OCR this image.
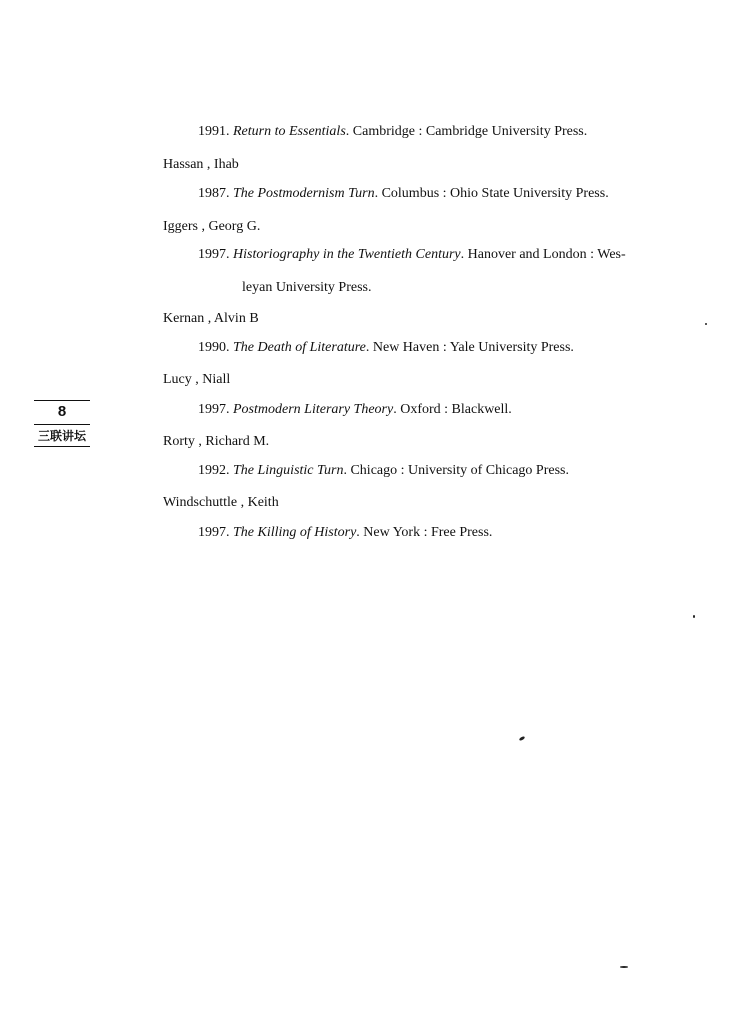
8
三联讲坛
1991. Return to Essentials. Cambridge : Cambridge University Press.
Hassan , Ihab
1987. The Postmodernism Turn. Columbus : Ohio State University Press.
Iggers , Georg G.
1997. Historiography in the Twentieth Century. Hanover and London : Wes-
leyan University Press.
Kernan , Alvin B
1990. The Death of Literature. New Haven : Yale University Press.
Lucy , Niall
1997. Postmodern Literary Theory. Oxford : Blackwell.
Rorty , Richard M.
1992. The Linguistic Turn. Chicago : University of Chicago Press.
Windschuttle , Keith
1997. The Killing of History. New York : Free Press.
